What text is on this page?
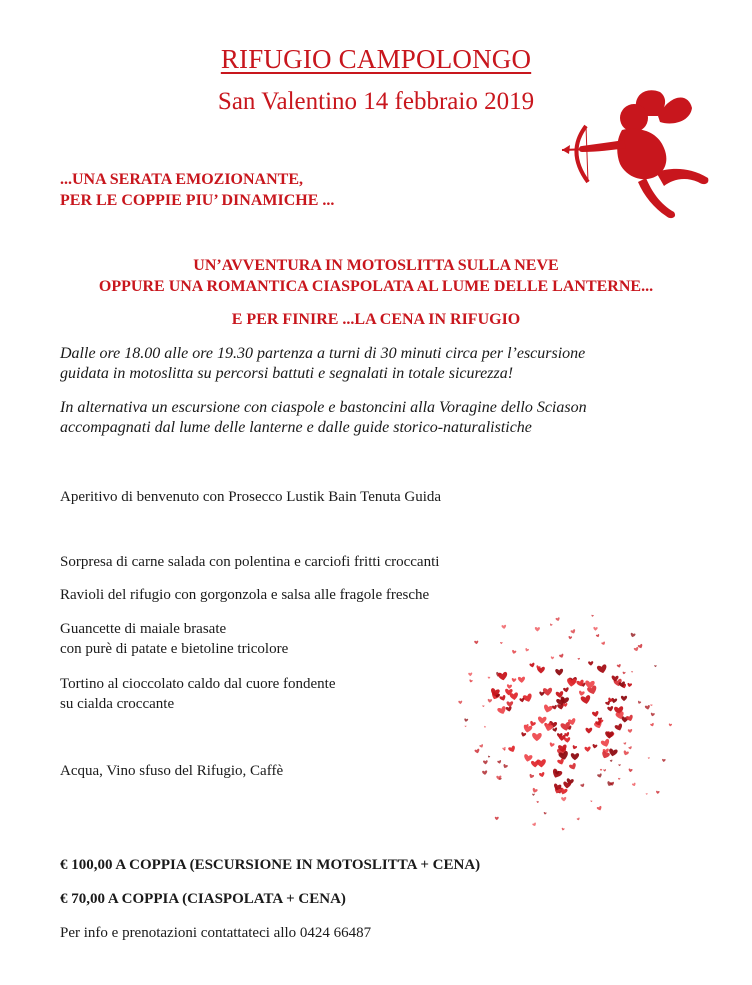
RIFUGIO CAMPOLONGO
San Valentino 14 febbraio 2019
...UNA SERATA EMOZIONANTE,
PER LE COPPIE PIU’ DINAMICHE ...
UN’AVVENTURA IN MOTOSLITTA SULLA NEVE
OPPURE UNA ROMANTICA CIASPOLATA AL LUME DELLE LANTERNE...
E PER FINIRE ...LA CENA IN RIFUGIO
Dalle ore 18.00 alle ore 19.30 partenza a turni di 30 minuti circa per l’escursione
guidata in motoslitta su percorsi battuti e segnalati in totale sicurezza!
In alternativa un escursione con ciaspole e bastoncini alla Voragine dello Sciason
accompagnati dal lume delle lanterne e dalle guide storico-naturalistiche
Aperitivo di benvenuto con Prosecco Lustik Bain Tenuta Guida
Sorpresa di carne salada con polentina e carciofi fritti croccanti
Ravioli del rifugio con gorgonzola e salsa alle fragole fresche
Guancette di maiale brasate
con purè di patate e bietoline tricolore
Tortino al cioccolato caldo dal cuore fondente
su cialda croccante
Acqua, Vino sfuso del Rifugio, Caffè
€ 100,00 A COPPIA (ESCURSIONE IN MOTOSLITTA + CENA)
€ 70,00 A COPPIA (CIASPOLATA + CENA)
Per info e prenotazioni contattateci allo 0424 66487
